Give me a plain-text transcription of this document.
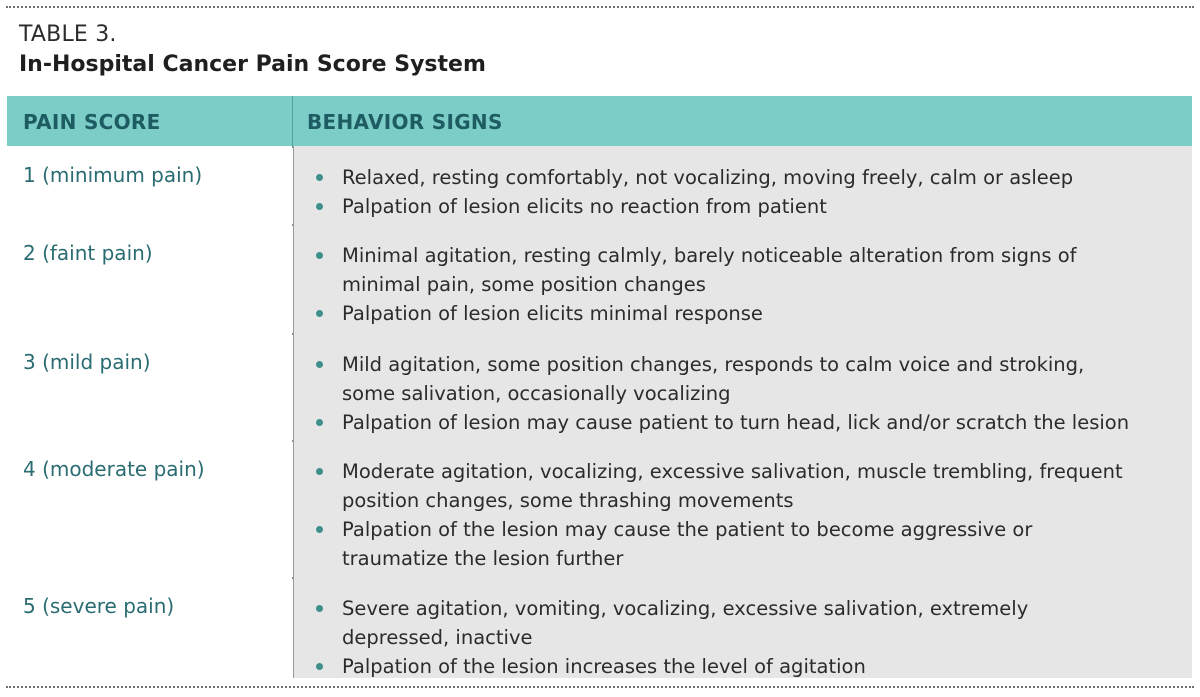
TABLE 3.
In-Hospital Cancer Pain Score System
PAIN SCORE	BEHAVIOR SIGNS
1 (minimum pain)	Relaxed, resting comfortably, not vocalizing, moving freely, calm or asleep
Palpation of lesion elicits no reaction from patient
2 (faint pain)	Minimal agitation, resting calmly, barely noticeable alteration from signs of
minimal pain, some position changes
Palpation of lesion elicits minimal response
3 (mild pain)	Mild agitation, some position changes, responds to calm voice and stroking,
some salivation, occasionally vocalizing
Palpation of lesion may cause patient to turn head, lick and/or scratch the lesion
4 (moderate pain)	Moderate agitation, vocalizing, excessive salivation, muscle trembling, frequent
position changes, some thrashing movements
Palpation of the lesion may cause the patient to become aggressive or
traumatize the lesion further
5 (severe pain)	Severe agitation, vomiting, vocalizing, excessive salivation, extremely
depressed, inactive
Palpation of the lesion increases the level of agitation
